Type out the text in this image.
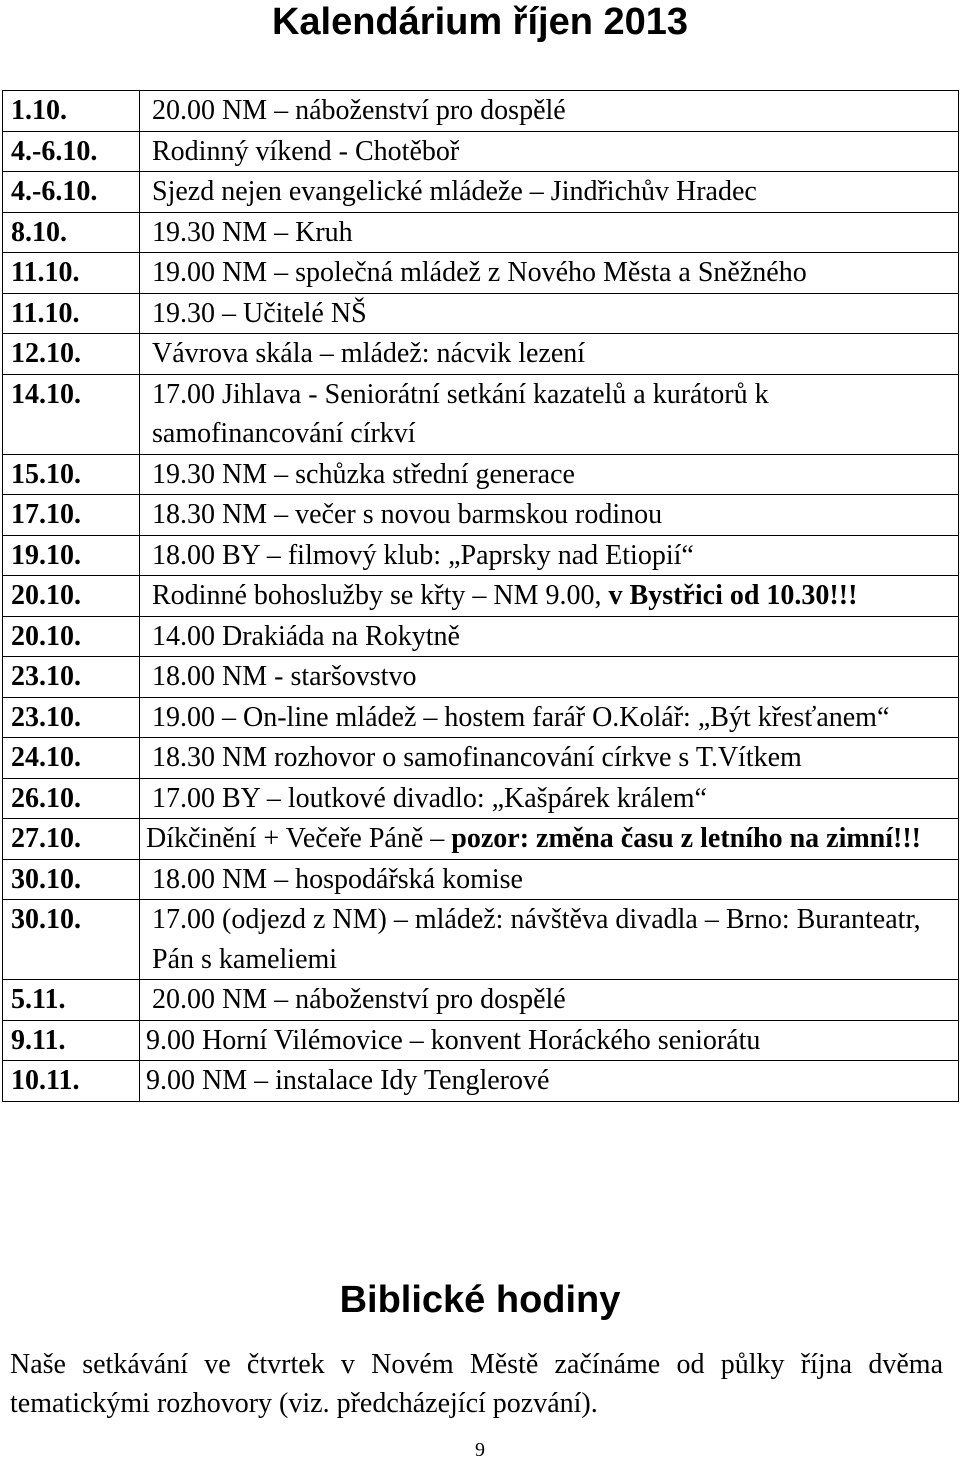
Kalendárium říjen 2013
1.10.	20.00 NM – náboženství pro dospělé
4.-6.10.	Rodinný víkend - Chotěboř
4.-6.10.	Sjezd nejen evangelické mládeže – Jindřichův Hradec
8.10.	19.30 NM – Kruh
11.10.	19.00 NM – společná mládež z Nového Města a Sněžného
11.10.	19.30 – Učitelé NŠ
12.10.	Vávrova skála – mládež: nácvik lezení
14.10.	17.00 Jihlava - Seniorátní setkání kazatelů a kurátorů k samofinancování církví
15.10.	19.30 NM – schůzka střední generace
17.10.	18.30 NM – večer s novou barmskou rodinou
19.10.	18.00 BY – filmový klub: „Paprsky nad Etiopií“
20.10.	Rodinné bohoslužby se křty – NM 9.00, v Bystřici od 10.30!!!
20.10.	14.00 Drakiáda na Rokytně
23.10.	18.00 NM - staršovstvo
23.10.	19.00 – On-line mládež – hostem farář O.Kolář: „Být křesťanem“
24.10.	18.30 NM rozhovor o samofinancování církve s T.Vítkem
26.10.	17.00 BY – loutkové divadlo: „Kašpárek králem“
27.10.	Díkčinění + Večeře Páně – pozor: změna času z letního na zimní!!!
30.10.	18.00 NM – hospodářská komise
30.10.	17.00 (odjezd z NM) – mládež: návštěva divadla – Brno: Buranteatr, Pán s kameliemi
5.11.	20.00 NM – náboženství pro dospělé
9.11.	9.00 Horní Vilémovice – konvent Horáckého seniorátu
10.11.	9.00 NM – instalace Idy Tenglerové
Biblické hodiny

Naše setkávání ve čtvrtek v Novém Městě začínáme od půlky října dvěma tematickými rozhovory (viz. předcházející pozvání).

9
